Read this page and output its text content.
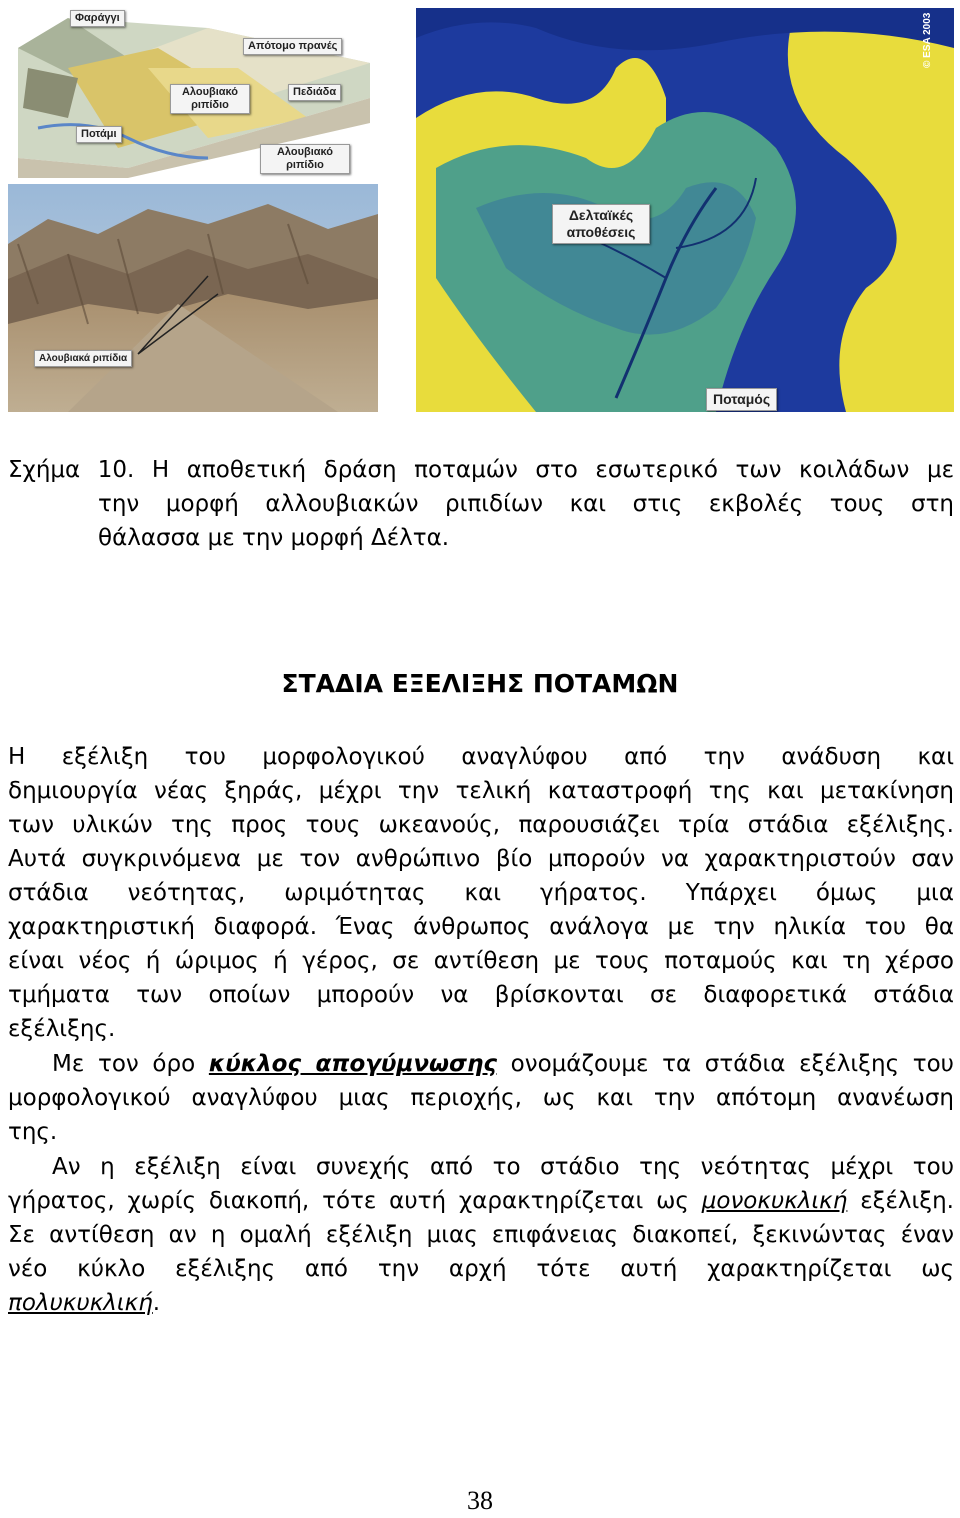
Φαράγγι
Απότομο πρανές
Αλουβιακό ριπίδιο
Πεδιάδα
Ποτάμι
Αλουβιακό ριπίδιο
Αλουβιακά ριπίδια
© ESA 2003
Δελταϊκές αποθέσεις
Ποταμός
Σχήμα 10. Η αποθετική δράση ποταμών στο εσωτερικό των κοιλάδων με
την μορφή αλλουβιακών ριπιδίων και στις εκβολές τους στη
θάλασσα με την μορφή Δέλτα.
ΣΤΑΔΙΑ ΕΞΕΛΙΞΗΣ ΠΟΤΑΜΩΝ
Η εξέλιξη του μορφολογικού αναγλύφου από την ανάδυση και
δημιουργία νέας ξηράς, μέχρι την τελική καταστροφή της και μετακίνηση
των υλικών της προς τους ωκεανούς, παρουσιάζει τρία στάδια εξέλιξης.
Αυτά συγκρινόμενα με τον ανθρώπινο βίο μπορούν να χαρακτηριστούν σαν
στάδια νεότητας, ωριμότητας και γήρατος. Υπάρχει όμως μια
χαρακτηριστική διαφορά. Ένας άνθρωπος ανάλογα με την ηλικία του θα
είναι νέος ή ώριμος ή γέρος, σε αντίθεση με τους ποταμούς και τη χέρσο
τμήματα των οποίων μπορούν να βρίσκονται σε διαφορετικά στάδια
εξέλιξης.
Με τον όρο κύκλος απογύμνωσης ονομάζουμε τα στάδια εξέλιξης του
μορφολογικού αναγλύφου μιας περιοχής, ως και την απότομη ανανέωση
της.
Αν η εξέλιξη είναι συνεχής από το στάδιο της νεότητας μέχρι του
γήρατος, χωρίς διακοπή, τότε αυτή χαρακτηρίζεται ως μονοκυκλική εξέλιξη.
Σε αντίθεση αν η ομαλή εξέλιξη μιας επιφάνειας διακοπεί, ξεκινώντας έναν
νέο κύκλο εξέλιξης από την αρχή τότε αυτή χαρακτηρίζεται ως
πολυκυκλική.
38
